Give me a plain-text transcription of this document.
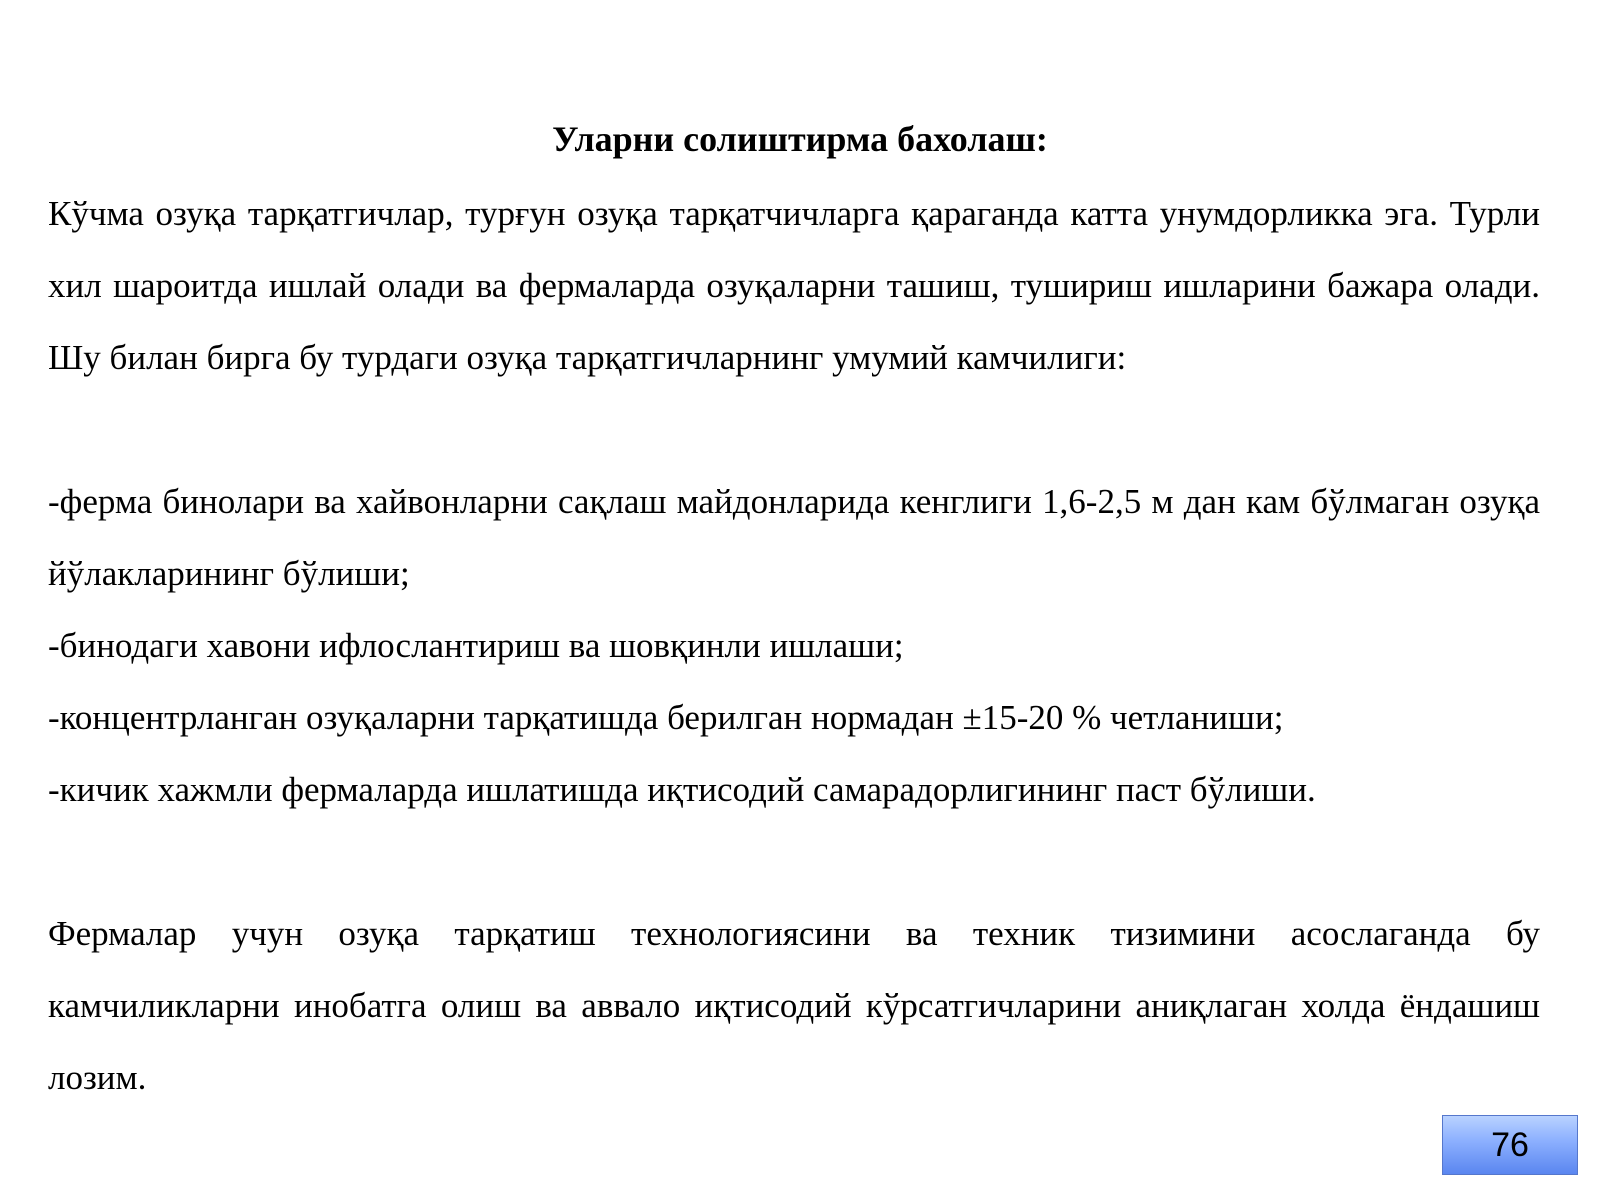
Уларни солиштирма бахолаш:
Кўчма озуқа тарқатгичлар, турғун озуқа тарқатчичларга қараганда катта унумдорликка эга. Турли хил шароитда ишлай олади ва фермаларда озуқаларни ташиш, тушириш ишларини бажара олади. Шу билан бирга бу турдаги озуқа тарқатгичларнинг умумий камчилиги:
-ферма бинолари ва хайвонларни сақлаш майдонларида кенглиги 1,6-2,5 м дан кам бўлмаган озуқа йўлакларининг бўлиши;
-бинодаги хавони ифлослантириш ва шовқинли ишлаши;
-концентрланган озуқаларни тарқатишда берилган нормадан ±15-20 % четланиши;
-кичик хажмли фермаларда ишлатишда иқтисодий самарадорлигининг паст бўлиши.
Фермалар учун озуқа тарқатиш технологиясини ва техник тизимини асослаганда бу камчиликларни инобатга олиш ва аввало иқтисодий кўрсатгичларини аниқлаган холда ёндашиш лозим.
76
